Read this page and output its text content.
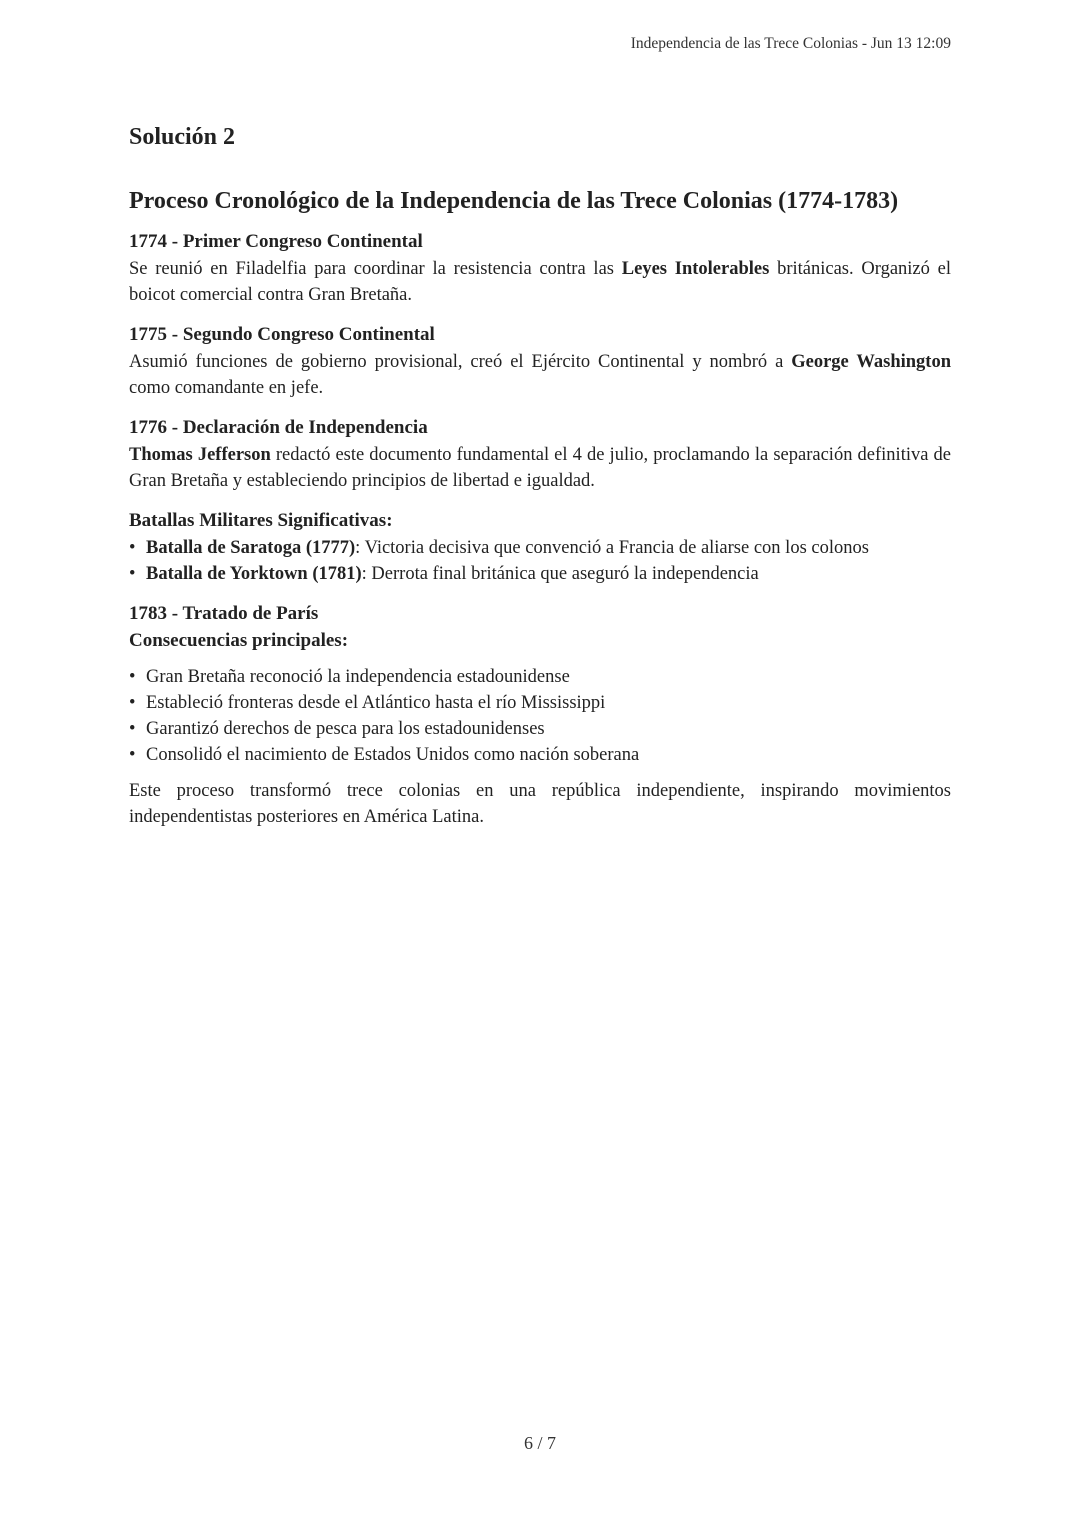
Independencia de las Trece Colonias - Jun 13 12:09
Solución 2
Proceso Cronológico de la Independencia de las Trece Colonias (1774-1783)
1774 - Primer Congreso Continental

Se reunió en Filadelfia para coordinar la resistencia contra las Leyes Intolerables británicas. Organizó el boicot comercial contra Gran Bretaña.

1775 - Segundo Congreso Continental

Asumió funciones de gobierno provisional, creó el Ejército Continental y nombró a George Washington como comandante en jefe.

1776 - Declaración de Independencia

Thomas Jefferson redactó este documento fundamental el 4 de julio, proclamando la separación definitiva de Gran Bretaña y estableciendo principios de libertad e igualdad.

Batallas Militares Significativas:
• Batalla de Saratoga (1777): Victoria decisiva que convenció a Francia de aliarse con los colonos
• Batalla de Yorktown (1781): Derrota final británica que aseguró la independencia
1783 - Tratado de París
Consecuencias principales:
• Gran Bretaña reconoció la independencia estadounidense
• Estableció fronteras desde el Atlántico hasta el río Mississippi
• Garantizó derechos de pesca para los estadounidenses
• Consolidó el nacimiento de Estados Unidos como nación soberana

Este proceso transformó trece colonias en una república independiente, inspirando movimientos independentistas posteriores en América Latina.

6 / 7
